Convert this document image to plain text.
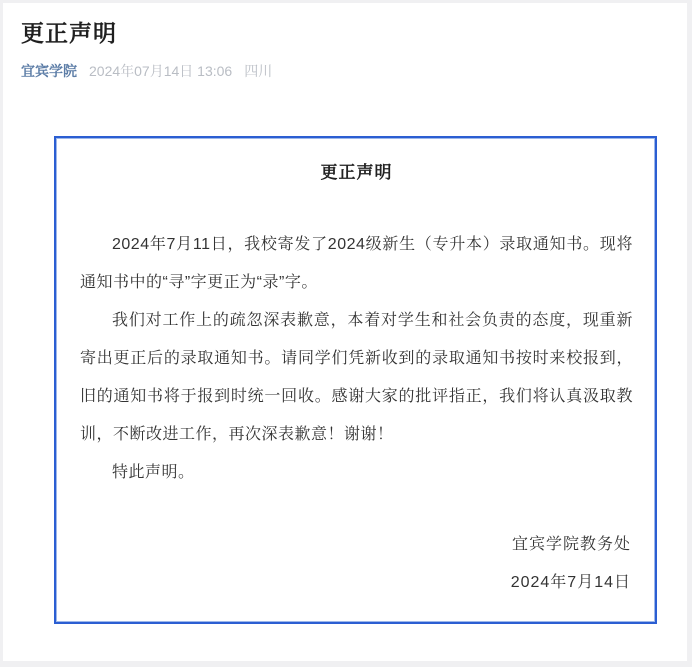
更正声明
宜宾学院 2024年07月14日 13:06 四川
更正声明

2024年7月11日，我校寄发了2024级新生（专升本）录取通知书。现将通知书中的“寻”字更正为“录”字。

我们对工作上的疏忽深表歉意，本着对学生和社会负责的态度，现重新寄出更正后的录取通知书。请同学们凭新收到的录取通知书按时来校报到，旧的通知书将于报到时统一回收。感谢大家的批评指正，我们将认真汲取教训，不断改进工作，再次深表歉意！谢谢！

特此声明。

宜宾学院教务处
2024年7月14日
